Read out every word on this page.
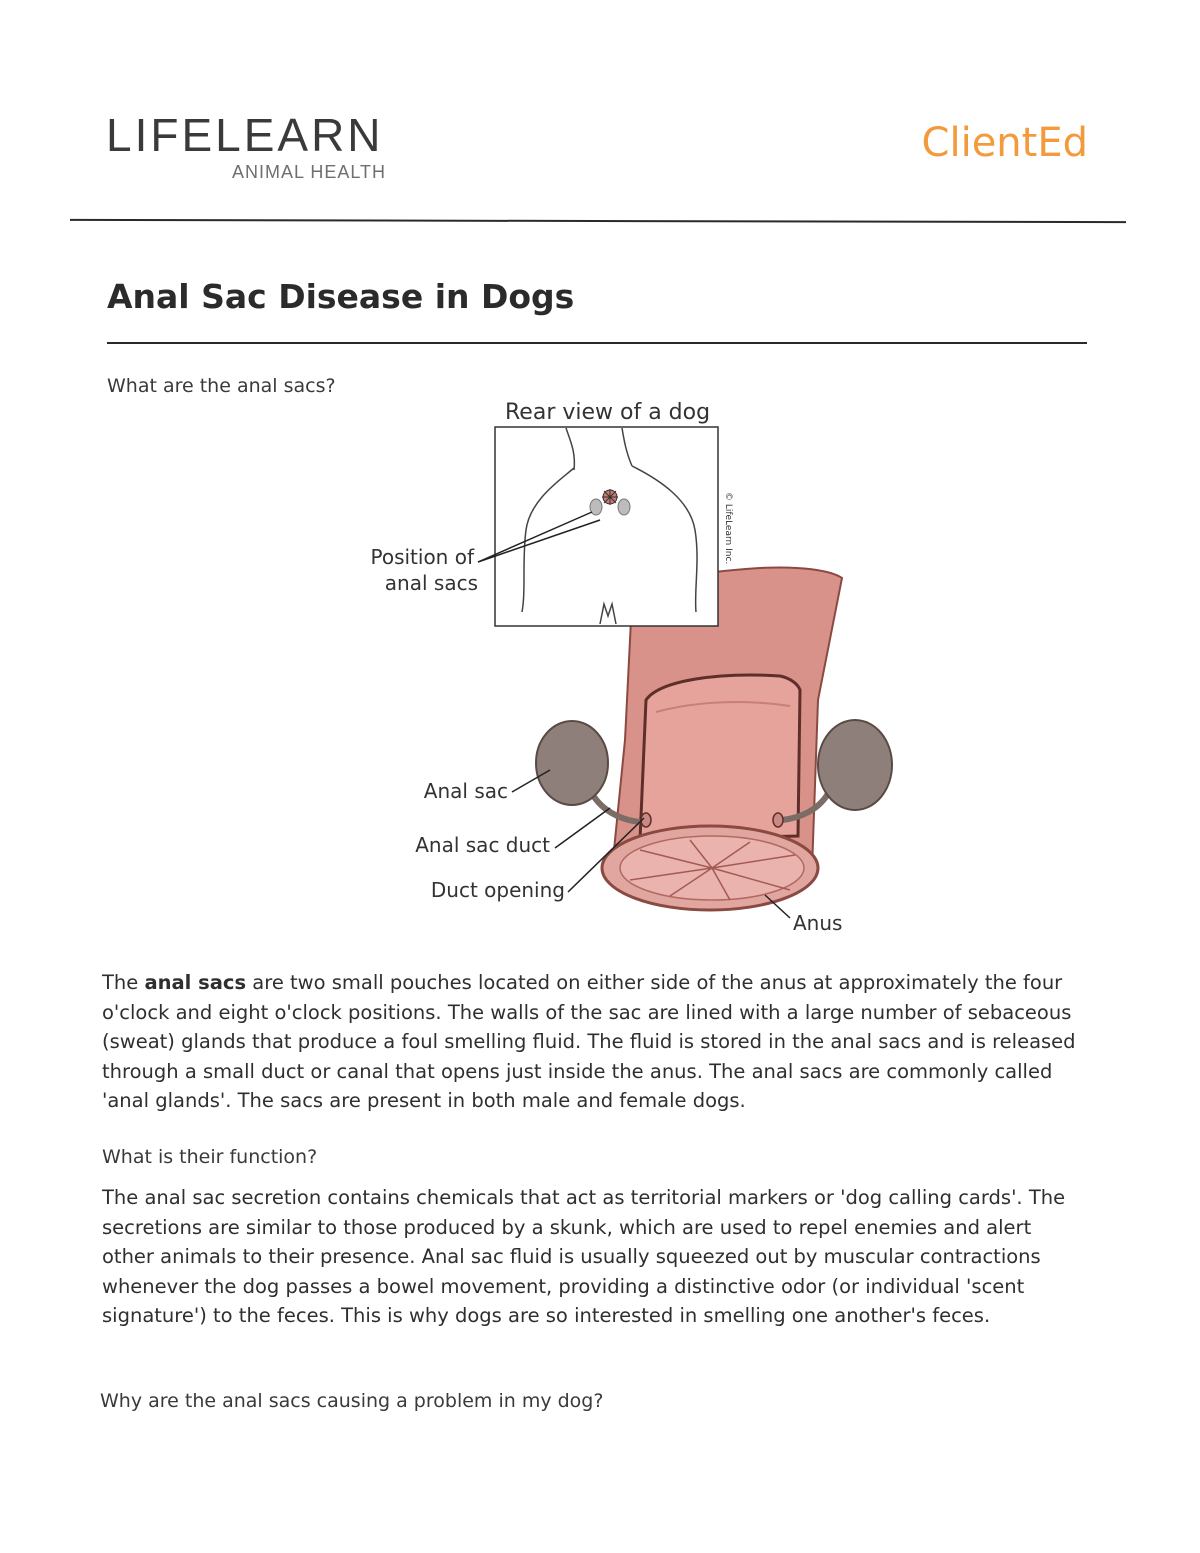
LIFELEARN
ANIMAL HEALTH
ClientEd
Anal Sac Disease in Dogs
What are the anal sacs?
Rear view of a dog
© LifeLearn Inc.
Position of
anal sacs
Anal sac
Anal sac duct
Duct opening
Anus

The anal sacs are two small pouches located on either side of the anus at approximately the four o'clock and eight o'clock positions. The walls of the sac are lined with a large number of sebaceous (sweat) glands that produce a foul smelling fluid. The fluid is stored in the anal sacs and is released through a small duct or canal that opens just inside the anus. The anal sacs are commonly called 'anal glands'. The sacs are present in both male and female dogs.

What is their function?

The anal sac secretion contains chemicals that act as territorial markers or 'dog calling cards'. The secretions are similar to those produced by a skunk, which are used to repel enemies and alert other animals to their presence. Anal sac fluid is usually squeezed out by muscular contractions whenever the dog passes a bowel movement, providing a distinctive odor (or individual 'scent signature') to the feces. This is why dogs are so interested in smelling one another's feces.

Why are the anal sacs causing a problem in my dog?
